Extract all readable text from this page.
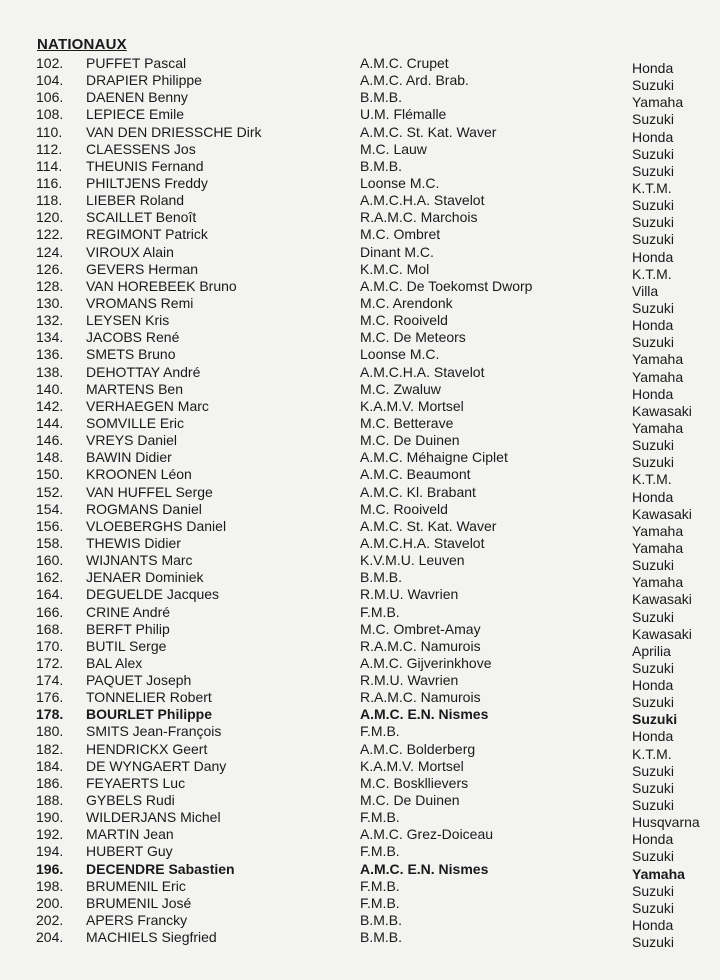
NATIONAUX
102.	PUFFET Pascal	A.M.C. Crupet	Honda
104.	DRAPIER Philippe	A.M.C. Ard. Brab.	Suzuki
106.	DAENEN Benny	B.M.B.	Yamaha
108.	LEPIECE Emile	U.M. Flémalle	Suzuki
110.	VAN DEN DRIESSCHE Dirk	A.M.C. St. Kat. Waver	Honda
112.	CLAESSENS Jos	M.C. Lauw	Suzuki
114.	THEUNIS Fernand	B.M.B.	Suzuki
116.	PHILTJENS Freddy	Loonse M.C.	K.T.M.
118.	LIEBER Roland	A.M.C.H.A. Stavelot	Suzuki
120.	SCAILLET Benoît	R.A.M.C. Marchois	Suzuki
122.	REGIMONT Patrick	M.C. Ombret	Suzuki
124.	VIROUX Alain	Dinant M.C.	Honda
126.	GEVERS Herman	K.M.C. Mol	K.T.M.
128.	VAN HOREBEEK Bruno	A.M.C. De Toekomst Dworp	Villa
130.	VROMANS Remi	M.C. Arendonk	Suzuki
132.	LEYSEN Kris	M.C. Rooiveld	Honda
134.	JACOBS René	M.C. De Meteors	Suzuki
136.	SMETS Bruno	Loonse M.C.	Yamaha
138.	DEHOTTAY André	A.M.C.H.A. Stavelot	Yamaha
140.	MARTENS Ben	M.C. Zwaluw	Honda
142.	VERHAEGEN Marc	K.A.M.V. Mortsel	Kawasaki
144.	SOMVILLE Eric	M.C. Betterave	Yamaha
146.	VREYS Daniel	M.C. De Duinen	Suzuki
148.	BAWIN Didier	A.M.C. Méhaigne Ciplet	Suzuki
150.	KROONEN Léon	A.M.C. Beaumont	K.T.M.
152.	VAN HUFFEL Serge	A.M.C. Kl. Brabant	Honda
154.	ROGMANS Daniel	M.C. Rooiveld	Kawasaki
156.	VLOEBERGHS Daniel	A.M.C. St. Kat. Waver	Yamaha
158.	THEWIS Didier	A.M.C.H.A. Stavelot	Yamaha
160.	WIJNANTS Marc	K.V.M.U. Leuven	Suzuki
162.	JENAER Dominiek	B.M.B.	Yamaha
164.	DEGUELDE Jacques	R.M.U. Wavrien	Kawasaki
166.	CRINE André	F.M.B.	Suzuki
168.	BERFT Philip	M.C. Ombret-Amay	Kawasaki
170.	BUTIL Serge	R.A.M.C. Namurois	Aprilia
172.	BAL Alex	A.M.C. Gijverinkhove	Suzuki
174.	PAQUET Joseph	R.M.U. Wavrien	Honda
176.	TONNELIER Robert	R.A.M.C. Namurois	Suzuki
178.	BOURLET Philippe	A.M.C. E.N. Nismes	Suzuki
180.	SMITS Jean-François	F.M.B.	Honda
182.	HENDRICKX Geert	A.M.C. Bolderberg	K.T.M.
184.	DE WYNGAERT Dany	K.A.M.V. Mortsel	Suzuki
186.	FEYAERTS Luc	M.C. Boskllievers	Suzuki
188.	GYBELS Rudi	M.C. De Duinen	Suzuki
190.	WILDERJANS Michel	F.M.B.	Husqvarna
192.	MARTIN Jean	A.M.C. Grez-Doiceau	Honda
194.	HUBERT Guy	F.M.B.	Suzuki
196.	DECENDRE Sabastien	A.M.C. E.N. Nismes	Yamaha
198.	BRUMENIL Eric	F.M.B.	Suzuki
200.	BRUMENIL José	F.M.B.	Suzuki
202.	APERS Francky	B.M.B.	Honda
204.	MACHIELS Siegfried	B.M.B.	Suzuki
